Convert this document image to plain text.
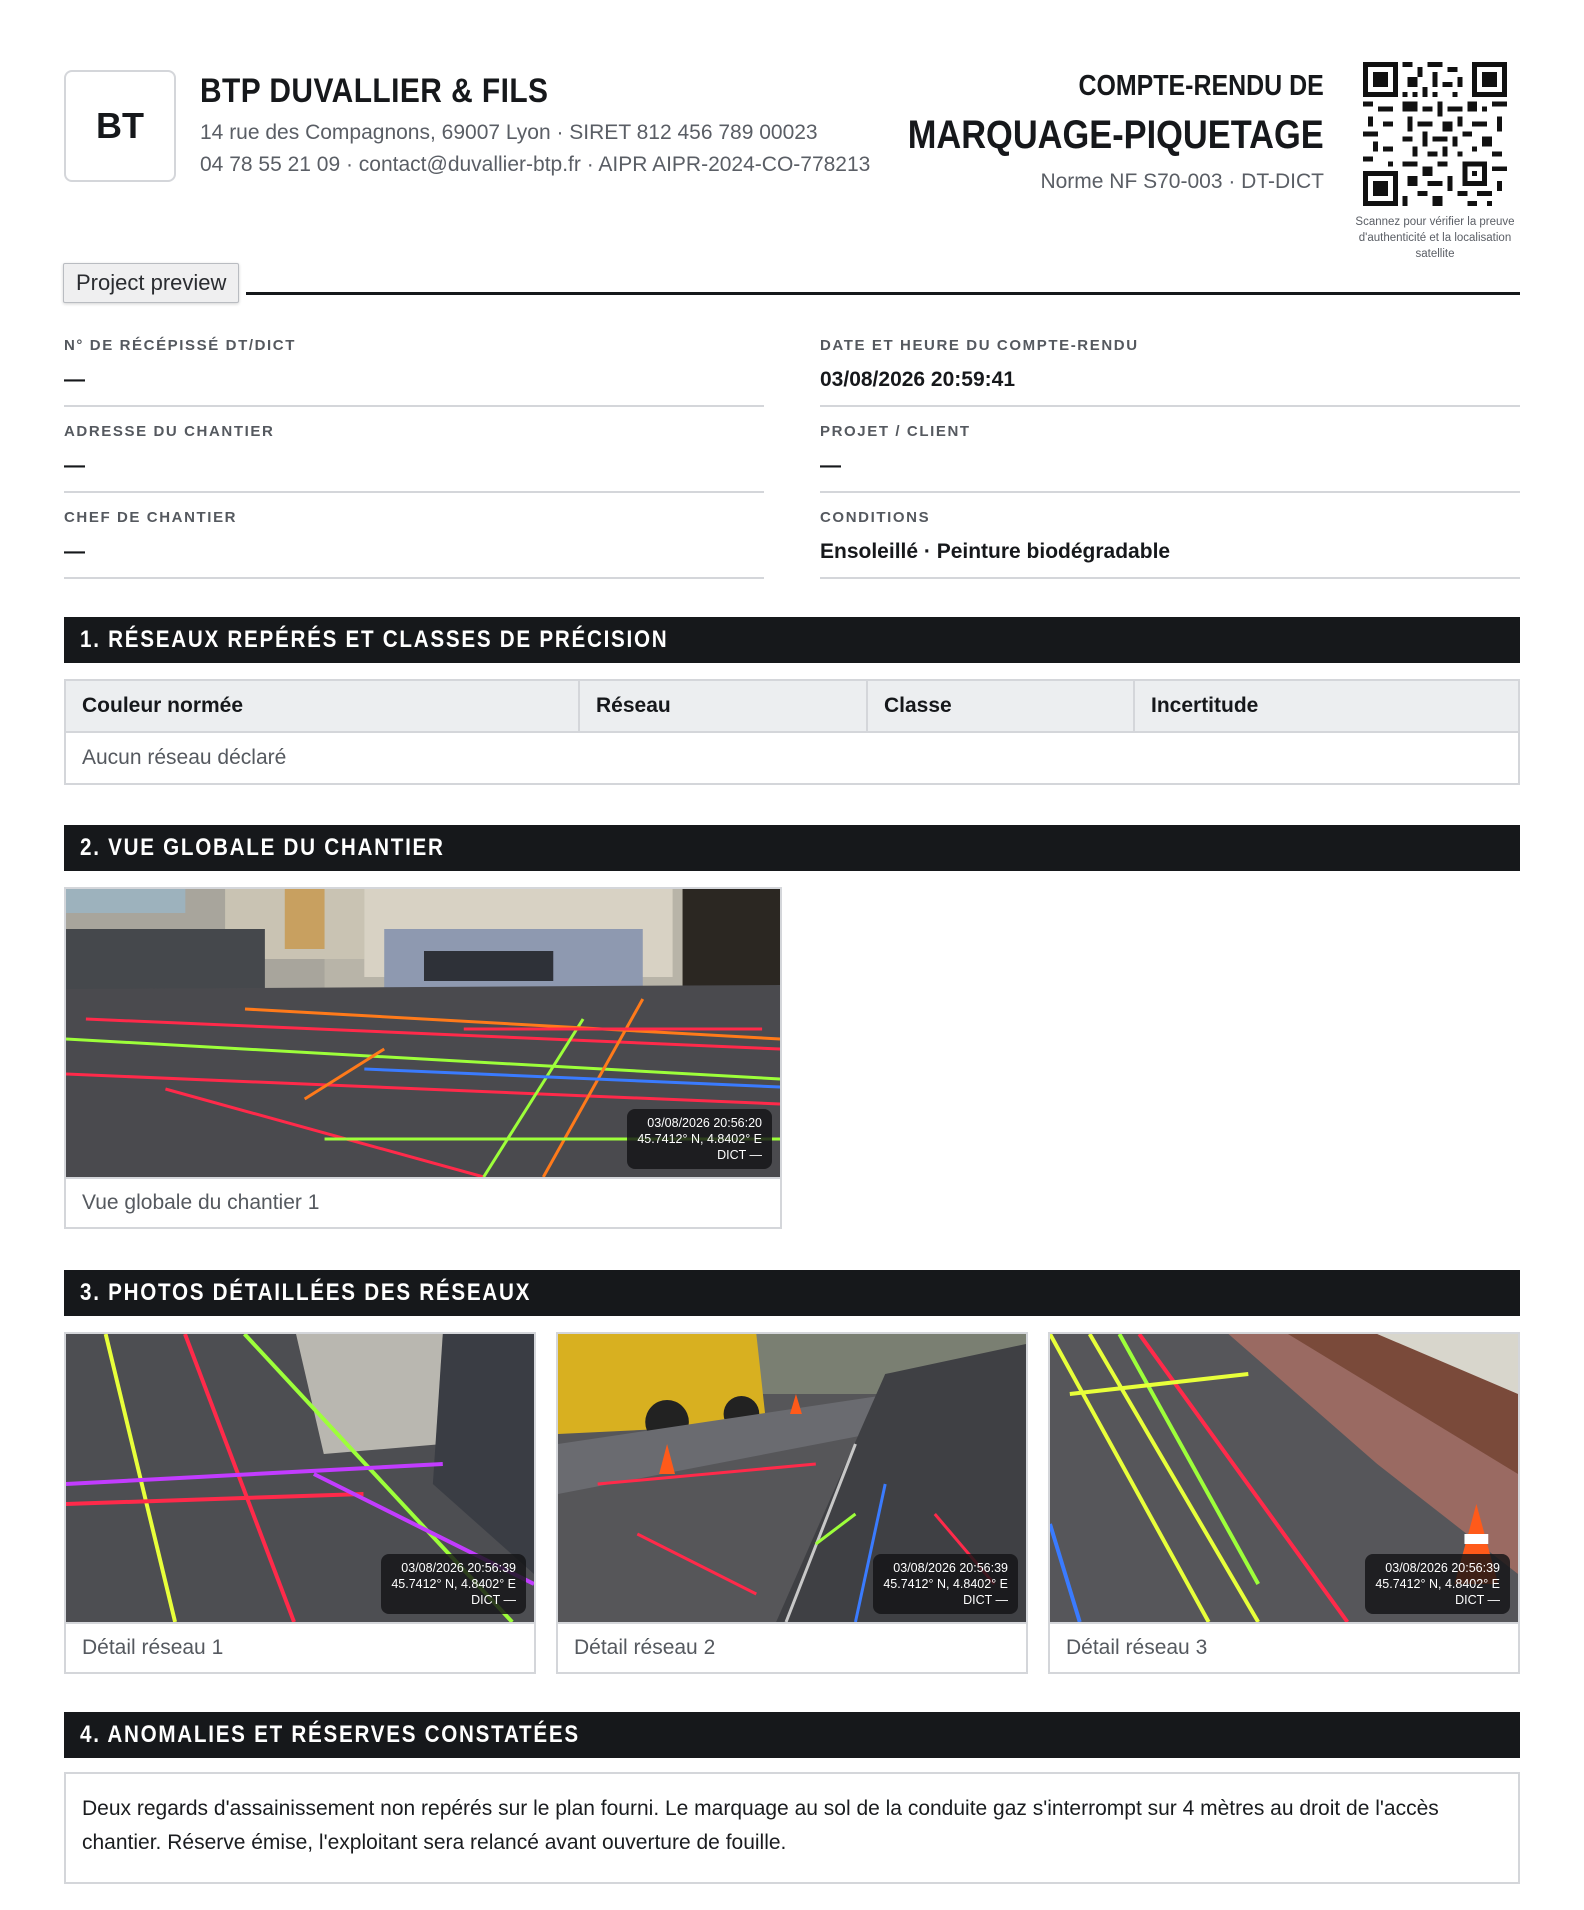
BT
BTP DUVALLIER & FILS
14 rue des Compagnons, 69007 Lyon · SIRET 812 456 789 00023
04 78 55 21 09 · contact@duvallier-btp.fr · AIPR AIPR-2024-CO-778213
COMPTE-RENDU DE
MARQUAGE-PIQUETAGE
Norme NF S70-003 · DT-DICT
Scannez pour vérifier la preuve d'authenticité et la localisation satellite
Project preview
N° DE RÉCÉPISSÉ DT/DICT
—
DATE ET HEURE DU COMPTE-RENDU
03/08/2026 20:59:41
ADRESSE DU CHANTIER
—
PROJET / CLIENT
—
CHEF DE CHANTIER
—
CONDITIONS
Ensoleillé · Peinture biodégradable
1. RÉSEAUX REPÉRÉS ET CLASSES DE PRÉCISION
Couleur normée	Réseau	Classe	Incertitude
Aucun réseau déclaré
2. VUE GLOBALE DU CHANTIER
03/08/2026 20:56:20
45.7412° N, 4.8402° E
DICT —
Vue globale du chantier 1
3. PHOTOS DÉTAILLÉES DES RÉSEAUX
03/08/2026 20:56:39
45.7412° N, 4.8402° E
DICT —
Détail réseau 1
03/08/2026 20:56:39
45.7412° N, 4.8402° E
DICT —
Détail réseau 2
03/08/2026 20:56:39
45.7412° N, 4.8402° E
DICT —
Détail réseau 3
4. ANOMALIES ET RÉSERVES CONSTATÉES
Deux regards d'assainissement non repérés sur le plan fourni. Le marquage au sol de la conduite gaz s'interrompt sur 4 mètres au droit de l'accès chantier. Réserve émise, l'exploitant sera relancé avant ouverture de fouille.
